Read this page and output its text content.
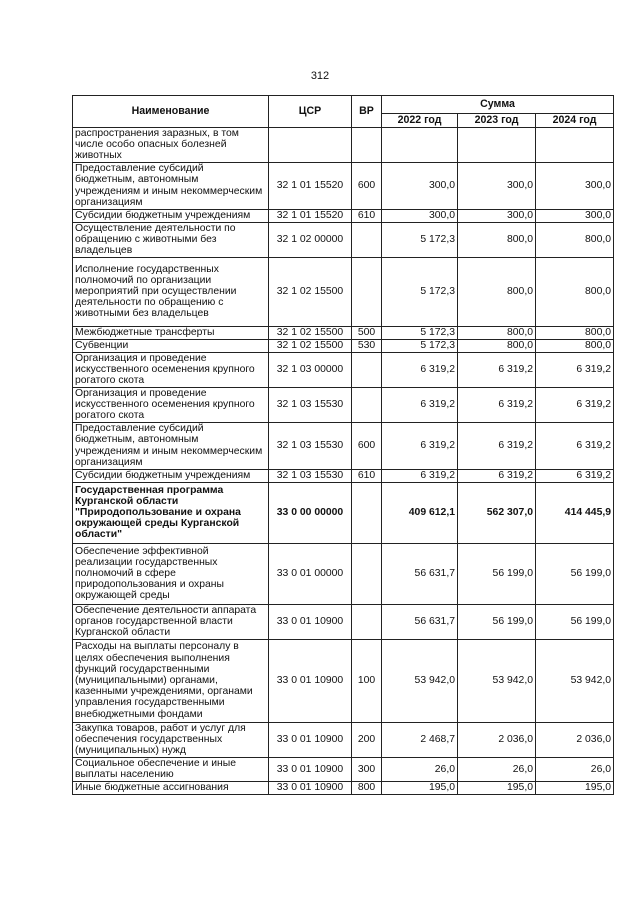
312
Наименование	ЦСР	ВР	Сумма		
			2022 год	2023 год	2024 год
распространения заразных, в том числе особо опасных болезней животных					
Предоставление субсидий бюджетным, автономным учреждениям и иным некоммерческим организациям	32 1 01 15520	600	300,0	300,0	300,0
Субсидии бюджетным учреждениям	32 1 01 15520	610	300,0	300,0	300,0
Осуществление деятельности по обращению с животными без владельцев	32 1 02 00000		5 172,3	800,0	800,0
Исполнение государственных полномочий по организации мероприятий при осуществлении деятельности по обращению с животными без владельцев	32 1 02 15500		5 172,3	800,0	800,0
Межбюджетные трансферты	32 1 02 15500	500	5 172,3	800,0	800,0
Субвенции	32 1 02 15500	530	5 172,3	800,0	800,0
Организация и проведение искусственного осеменения крупного рогатого скота	32 1 03 00000		6 319,2	6 319,2	6 319,2
Организация и проведение искусственного осеменения крупного рогатого скота	32 1 03 15530		6 319,2	6 319,2	6 319,2
Предоставление субсидий бюджетным, автономным учреждениям и иным некоммерческим организациям	32 1 03 15530	600	6 319,2	6 319,2	6 319,2
Субсидии бюджетным учреждениям	32 1 03 15530	610	6 319,2	6 319,2	6 319,2
Государственная программа Курганской области "Природопользование и охрана окружающей среды Курганской области"	33 0 00 00000		409 612,1	562 307,0	414 445,9
Обеспечение эффективной реализации государственных полномочий в сфере природопользования и охраны окружающей среды	33 0 01 00000		56 631,7	56 199,0	56 199,0
Обеспечение деятельности аппарата органов государственной власти Курганской области	33 0 01 10900		56 631,7	56 199,0	56 199,0
Расходы на выплаты персоналу в целях обеспечения выполнения функций государственными (муниципальными) органами, казенными учреждениями, органами управления государственными внебюджетными фондами	33 0 01 10900	100	53 942,0	53 942,0	53 942,0
Закупка товаров, работ и услуг для обеспечения государственных (муниципальных) нужд	33 0 01 10900	200	2 468,7	2 036,0	2 036,0
Социальное обеспечение и иные выплаты населению	33 0 01 10900	300	26,0	26,0	26,0
Иные бюджетные ассигнования	33 0 01 10900	800	195,0	195,0	195,0
